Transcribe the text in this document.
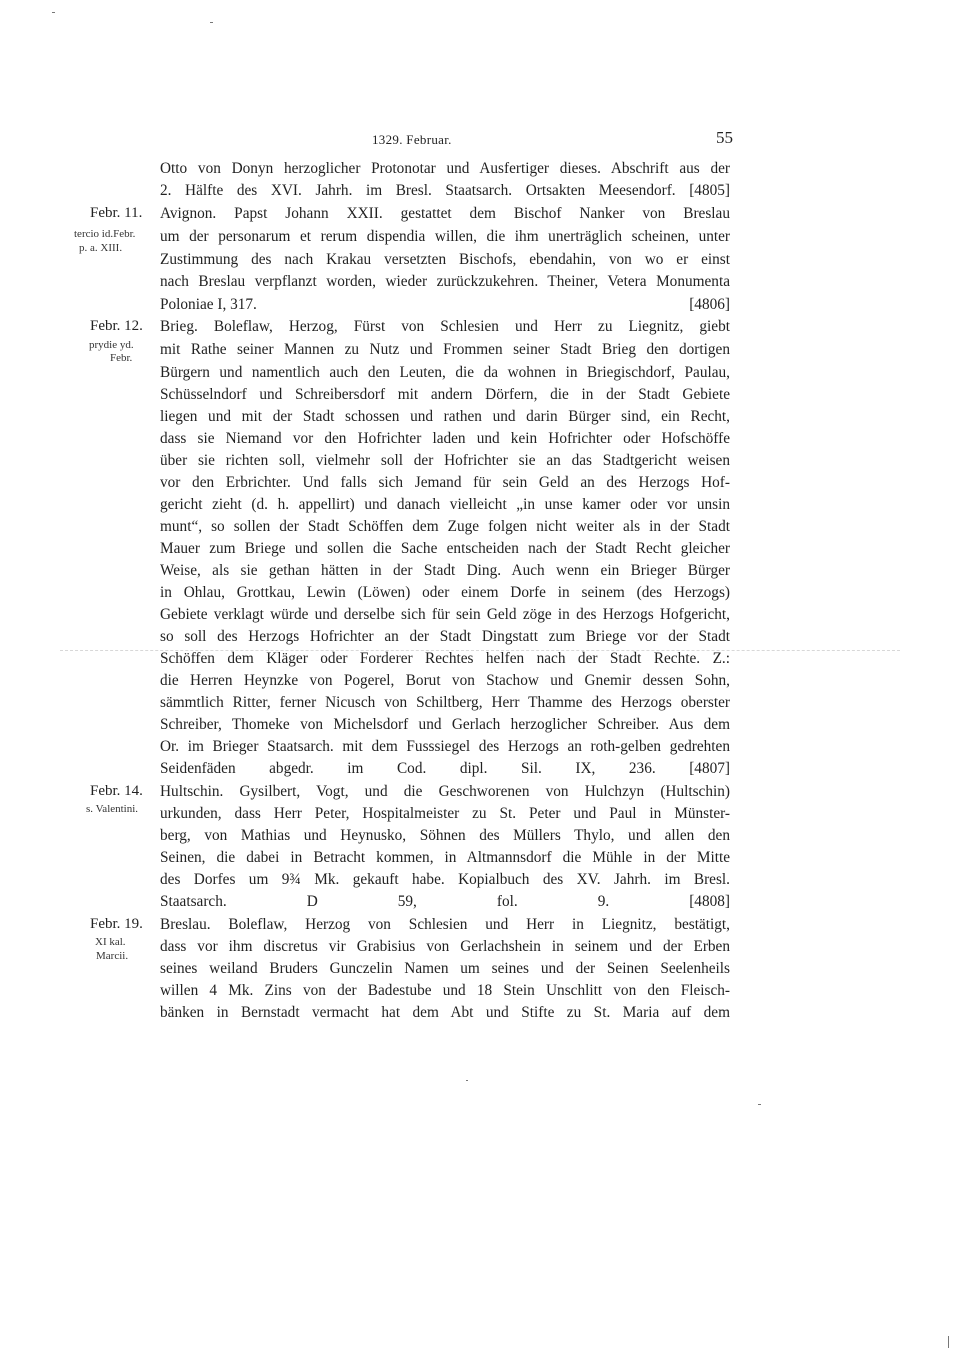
1329. Februar.	55
Otto von Donyn herzoglicher Protonotar und Ausfertiger dieses. Abschrift aus der
2. Hälfte des XVI. Jahrh. im Bresl. Staatsarch. Ortsakten Meesendorf. [4805]
Febr. 11.
tercio id.Febr.
p. a. XIII.
Avignon. Papst Johann XXII. gestattet dem Bischof Nanker von Breslau
um der personarum et rerum dispendia willen, die ihm unerträglich scheinen, unter
Zustimmung des nach Krakau versetzten Bischofs, ebendahin, von wo er einst
nach Breslau verpflanzt worden, wieder zurückzukehren. Theiner, Vetera Monumenta
Poloniae I, 317.	[4806]
Febr. 12.
prydie yd.
Febr.
Brieg. Boleflaw, Herzog, Fürst von Schlesien und Herr zu Liegnitz, giebt
mit Rathe seiner Mannen zu Nutz und Frommen seiner Stadt Brieg den dortigen
Bürgern und namentlich auch den Leuten, die da wohnen in Briegischdorf, Paulau,
Schüsselndorf und Schreibersdorf mit andern Dörfern, die in der Stadt Gebiete
liegen und mit der Stadt schossen und rathen und darin Bürger sind, ein Recht,
dass sie Niemand vor den Hofrichter laden und kein Hofrichter oder Hofschöffe
über sie richten soll, vielmehr soll der Hofrichter sie an das Stadtgericht weisen
vor den Erbrichter. Und falls sich Jemand für sein Geld an des Herzogs Hof-
gericht zieht (d. h. appellirt) und danach vielleicht „in unse kamer oder vor unsin
munt“, so sollen der Stadt Schöffen dem Zuge folgen nicht weiter als in der Stadt
Mauer zum Briege und sollen die Sache entscheiden nach der Stadt Recht gleicher
Weise, als sie gethan hätten in der Stadt Ding. Auch wenn ein Brieger Bürger
in Ohlau, Grottkau, Lewin (Löwen) oder einem Dorfe in seinem (des Herzogs)
Gebiete verklagt würde und derselbe sich für sein Geld zöge in des Herzogs Hofgericht,
so soll des Herzogs Hofrichter an der Stadt Dingstatt zum Briege vor der Stadt
Schöffen dem Kläger oder Forderer Rechtes helfen nach der Stadt Rechte. Z.:
die Herren Heynzke von Pogerel, Borut von Stachow und Gnemir dessen Sohn,
sämmtlich Ritter, ferner Nicusch von Schiltberg, Herr Thamme des Herzogs oberster
Schreiber, Thomeke von Michelsdorf und Gerlach herzoglicher Schreiber. Aus dem
Or. im Brieger Staatsarch. mit dem Fusssiegel des Herzogs an roth-gelben gedrehten
Seidenfäden abgedr. im Cod. dipl. Sil. IX, 236. [4807]
Febr. 14.
s. Valentini.
Hultschin. Gysilbert, Vogt, und die Geschworenen von Hulchzyn (Hultschin)
urkunden, dass Herr Peter, Hospitalmeister zu St. Peter und Paul in Münster-
berg, von Mathias und Heynusko, Söhnen des Müllers Thylo, und allen den
Seinen, die dabei in Betracht kommen, in Altmannsdorf die Mühle in der Mitte
des Dorfes um 9¾ Mk. gekauft habe. Kopialbuch des XV. Jahrh. im Bresl.
Staatsarch. D 59, fol. 9. [4808]
Febr. 19.
XI kal.
Marcii.
Breslau. Boleflaw, Herzog von Schlesien und Herr in Liegnitz, bestätigt,
dass vor ihm discretus vir Grabisius von Gerlachshein in seinem und der Erben
seines weiland Bruders Gunczelin Namen um seines und der Seinen Seelenheils
willen 4 Mk. Zins von der Badestube und 18 Stein Unschlitt von den Fleisch-
bänken in Bernstadt vermacht hat dem Abt und Stifte zu St. Maria auf dem
